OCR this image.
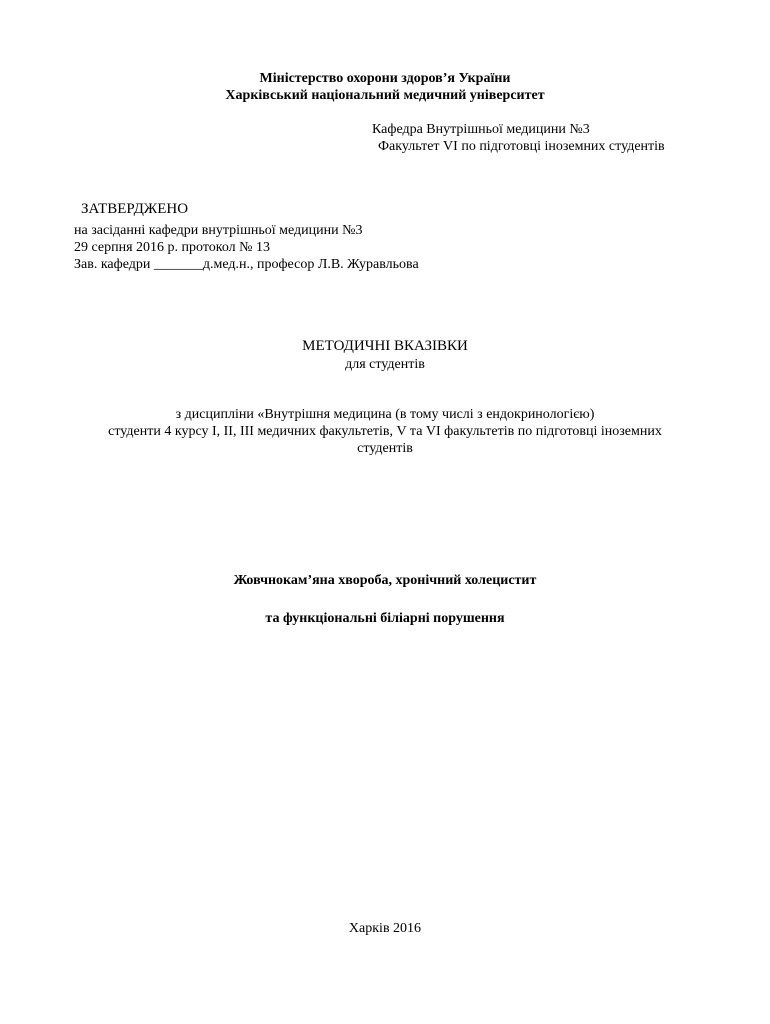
Міністерство охорони здоров’я України
Харківський національний медичний університет
Кафедра Внутрішньої медицини №3
Факультет VI по підготовці іноземних студентів
ЗАТВЕРДЖЕНО
на засіданні кафедри внутрішньої медицини №3
29 серпня 2016 р. протокол № 13
Зав. кафедри _______д.мед.н., професор Л.В. Журавльова
МЕТОДИЧНІ ВКАЗІВКИ
для студентів
з дисципліни «Внутрішня медицина (в тому числі з ендокринологією)
студенти 4 курсу I, II, III медичних факультетів, V та VI факультетів по підготовці іноземних
студентів
Жовчнокам’яна хвороба, хронічний холецистит
та функціональні біліарні порушення
Харків 2016
